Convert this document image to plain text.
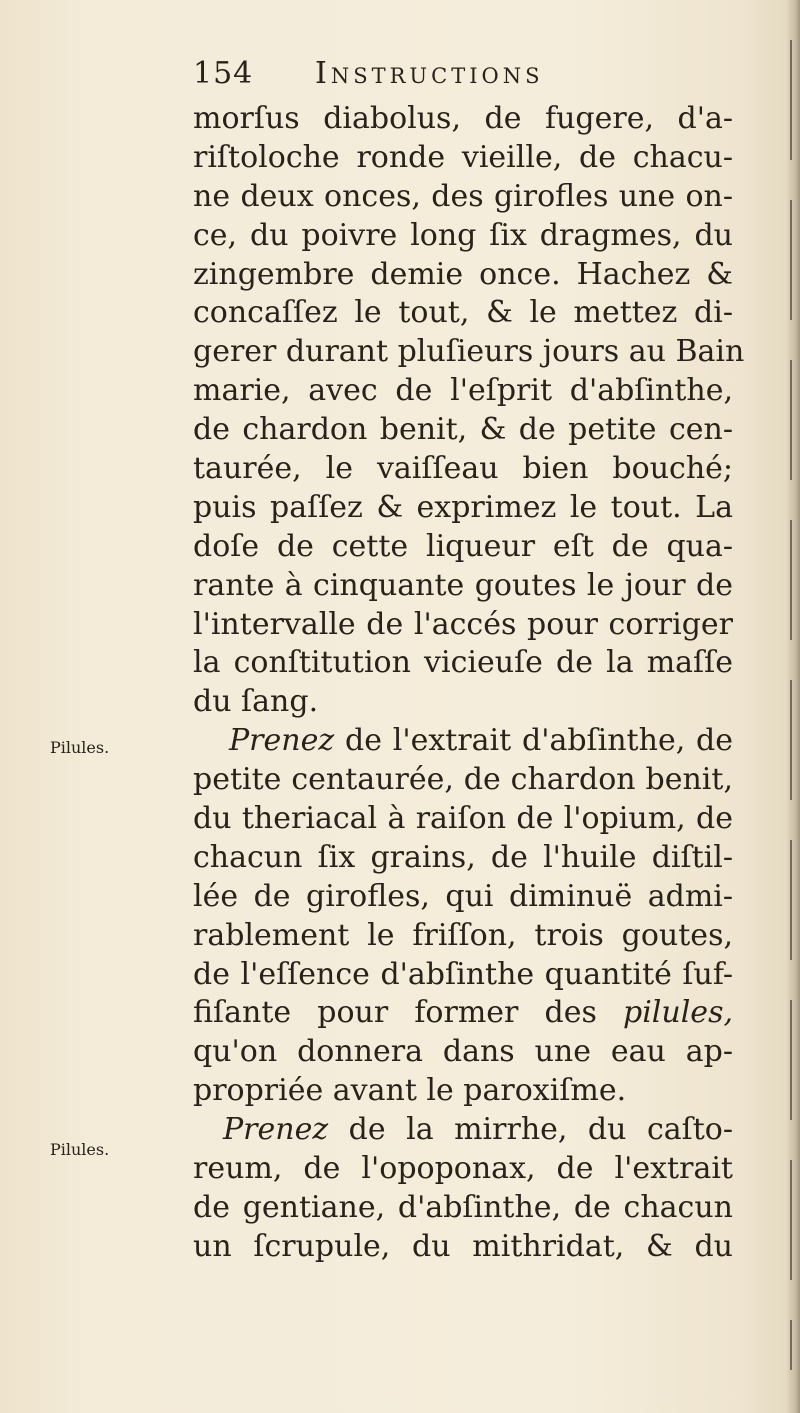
154 Instructions
Pilules.
Pilules.
morſus diabolus, de fugere, d'a-
riſtoloche ronde vieille, de chacu-
ne deux onces, des girofles une on-
ce, du poivre long ſix dragmes, du
zingembre demie once. Hachez &
concaſſez le tout, & le mettez di-
gerer durant pluſieurs jours au Bain
marie, avec de l'eſprit d'abſinthe,
de chardon benit, & de petite cen-
taurée, le vaiſſeau bien bouché;
puis paſſez & exprimez le tout. La
doſe de cette liqueur eſt de qua-
rante à cinquante goutes le jour de
l'intervalle de l'accés pour corriger
la conſtitution vicieuſe de la maſſe
du ſang.
Prenez de l'extrait d'abſinthe, de
petite centaurée, de chardon benit,
du theriacal à raiſon de l'opium, de
chacun ſix grains, de l'huile diſtil-
lée de girofles, qui diminuë admi-
rablement le friſſon, trois goutes,
de l'eſſence d'abſinthe quantité ſuf-
fiſante pour former des pilules,
qu'on donnera dans une eau ap-
propriée avant le paroxiſme.
Prenez de la mirrhe, du caſto-
reum, de l'opoponax, de l'extrait
de gentiane, d'abſinthe, de chacun
un ſcrupule, du mithridat, & du
